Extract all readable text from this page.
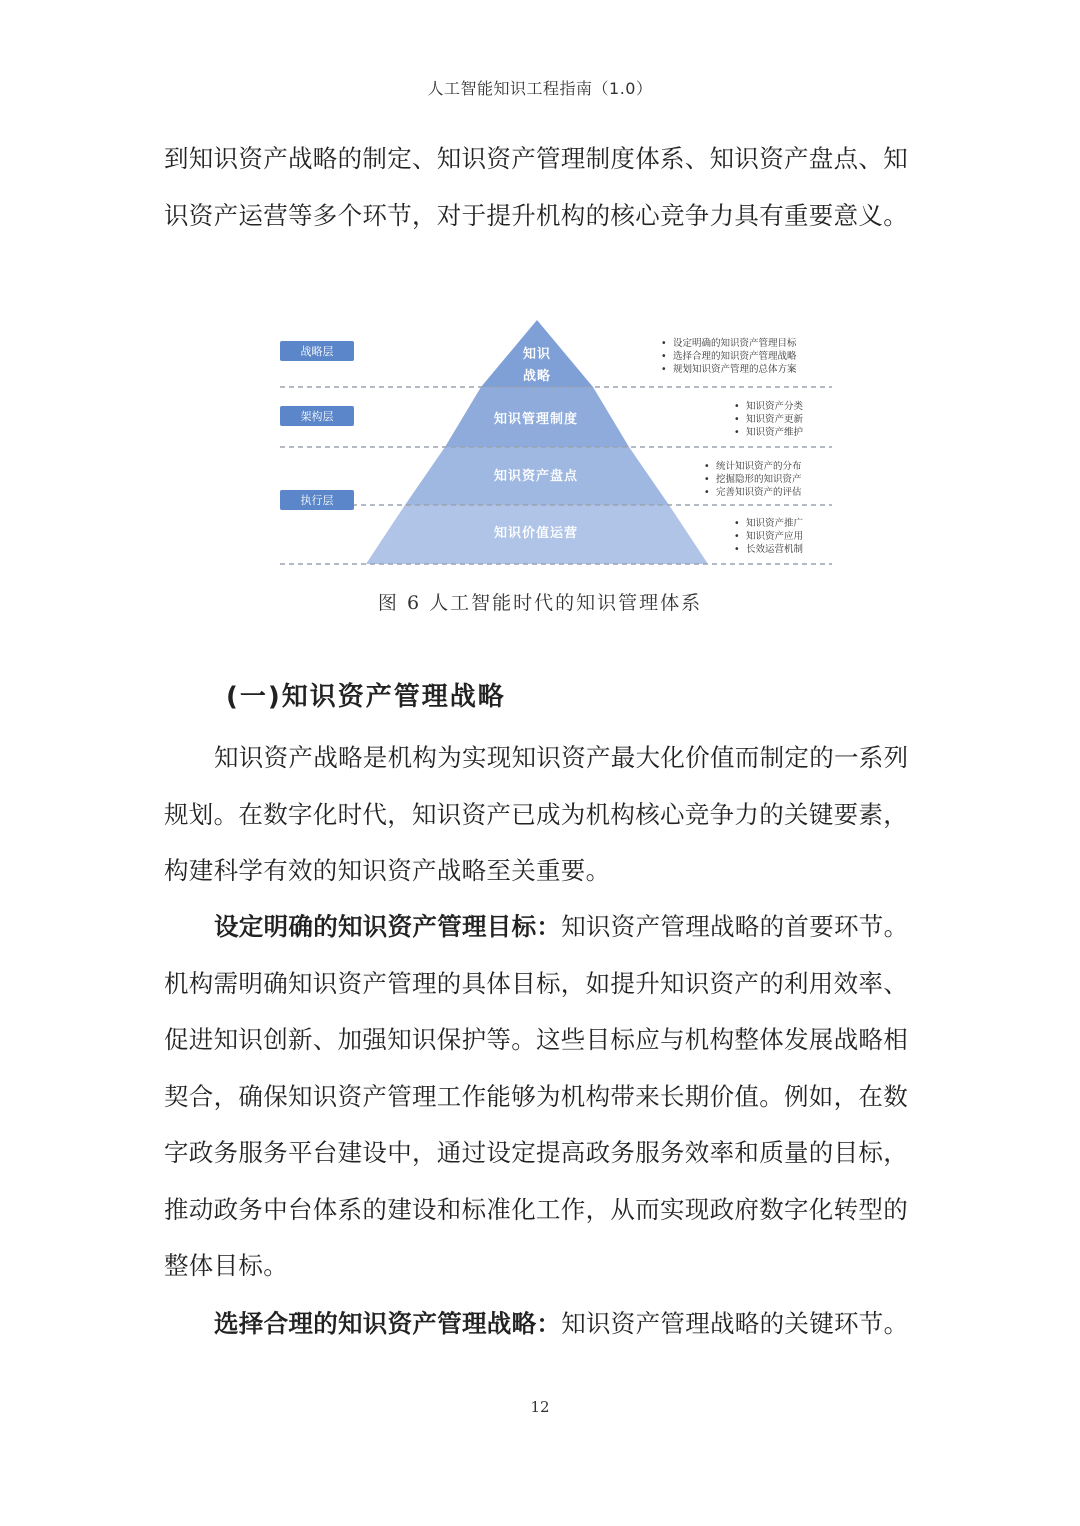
人工智能知识工程指南（1.0）

到知识资产战略的制定、知识资产管理制度体系、知识资产盘点、知识资产运营等多个环节，对于提升机构的核心竞争力具有重要意义。

知识
战略
知识管理制度
知识资产盘点
知识价值运营
战略层
架构层
执行层
• 设定明确的知识资产管理目标
• 选择合理的知识资产管理战略
• 规划知识资产管理的总体方案
• 知识资产分类
• 知识资产更新
• 知识资产维护
• 统计知识资产的分布
• 挖掘隐形的知识资产
• 完善知识资产的评估
• 知识资产推广
• 知识资产应用
• 长效运营机制
图 6 人工智能时代的知识管理体系
(一)知识资产管理战略

知识资产战略是机构为实现知识资产最大化价值而制定的一系列规划。在数字化时代，知识资产已成为机构核心竞争力的关键要素，构建科学有效的知识资产战略至关重要。

设定明确的知识资产管理目标：知识资产管理战略的首要环节。机构需明确知识资产管理的具体目标，如提升知识资产的利用效率、促进知识创新、加强知识保护等。这些目标应与机构整体发展战略相契合，确保知识资产管理工作能够为机构带来长期价值。例如，在数字政务服务平台建设中，通过设定提高政务服务效率和质量的目标，推动政务中台体系的建设和标准化工作，从而实现政府数字化转型的整体目标。

选择合理的知识资产管理战略：知识资产管理战略的关键环节。

12
